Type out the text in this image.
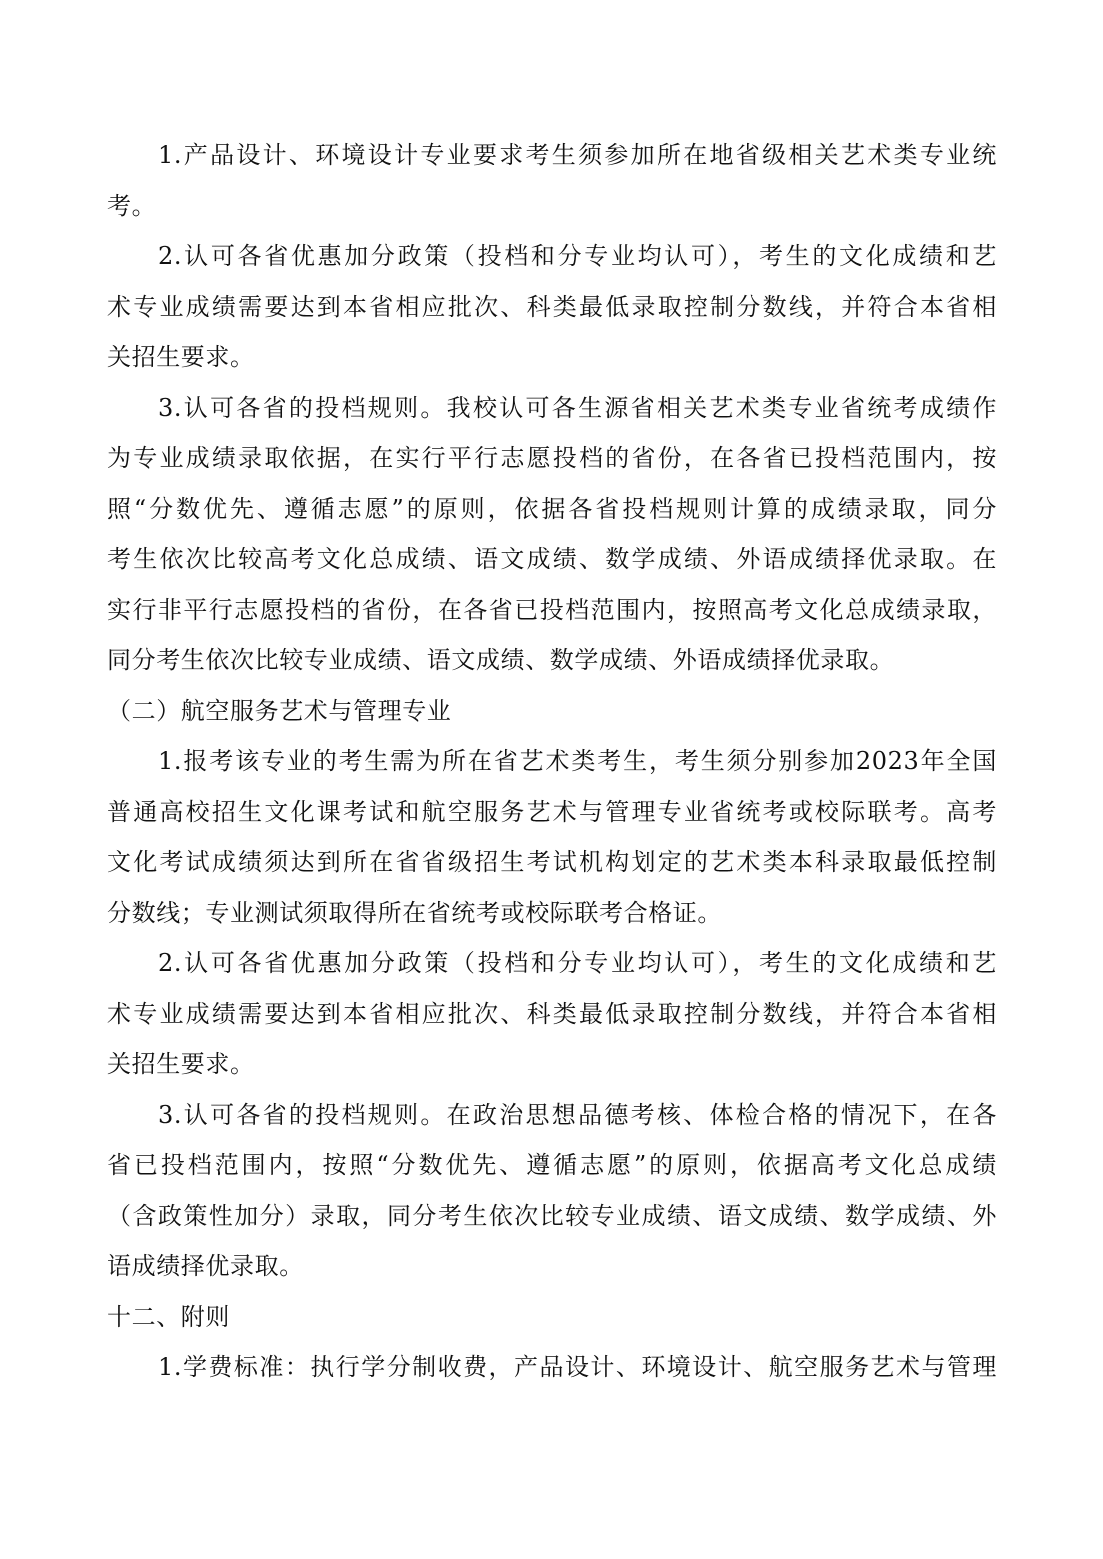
1.产品设计、环境设计专业要求考生须参加所在地省级相关艺术类专业统
考。
2.认可各省优惠加分政策（投档和分专业均认可），考生的文化成绩和艺
术专业成绩需要达到本省相应批次、科类最低录取控制分数线，并符合本省相
关招生要求。
3.认可各省的投档规则。我校认可各生源省相关艺术类专业省统考成绩作
为专业成绩录取依据，在实行平行志愿投档的省份，在各省已投档范围内，按
照“分数优先、遵循志愿”的原则，依据各省投档规则计算的成绩录取，同分
考生依次比较高考文化总成绩、语文成绩、数学成绩、外语成绩择优录取。在
实行非平行志愿投档的省份，在各省已投档范围内，按照高考文化总成绩录取，
同分考生依次比较专业成绩、语文成绩、数学成绩、外语成绩择优录取。
（二）航空服务艺术与管理专业
1.报考该专业的考生需为所在省艺术类考生，考生须分别参加2023年全国
普通高校招生文化课考试和航空服务艺术与管理专业省统考或校际联考。高考
文化考试成绩须达到所在省省级招生考试机构划定的艺术类本科录取最低控制
分数线；专业测试须取得所在省统考或校际联考合格证。
2.认可各省优惠加分政策（投档和分专业均认可），考生的文化成绩和艺
术专业成绩需要达到本省相应批次、科类最低录取控制分数线，并符合本省相
关招生要求。
3.认可各省的投档规则。在政治思想品德考核、体检合格的情况下，在各
省已投档范围内，按照“分数优先、遵循志愿”的原则，依据高考文化总成绩
（含政策性加分）录取，同分考生依次比较专业成绩、语文成绩、数学成绩、外
语成绩择优录取。
十二、附则
1.学费标准：执行学分制收费，产品设计、环境设计、航空服务艺术与管理
